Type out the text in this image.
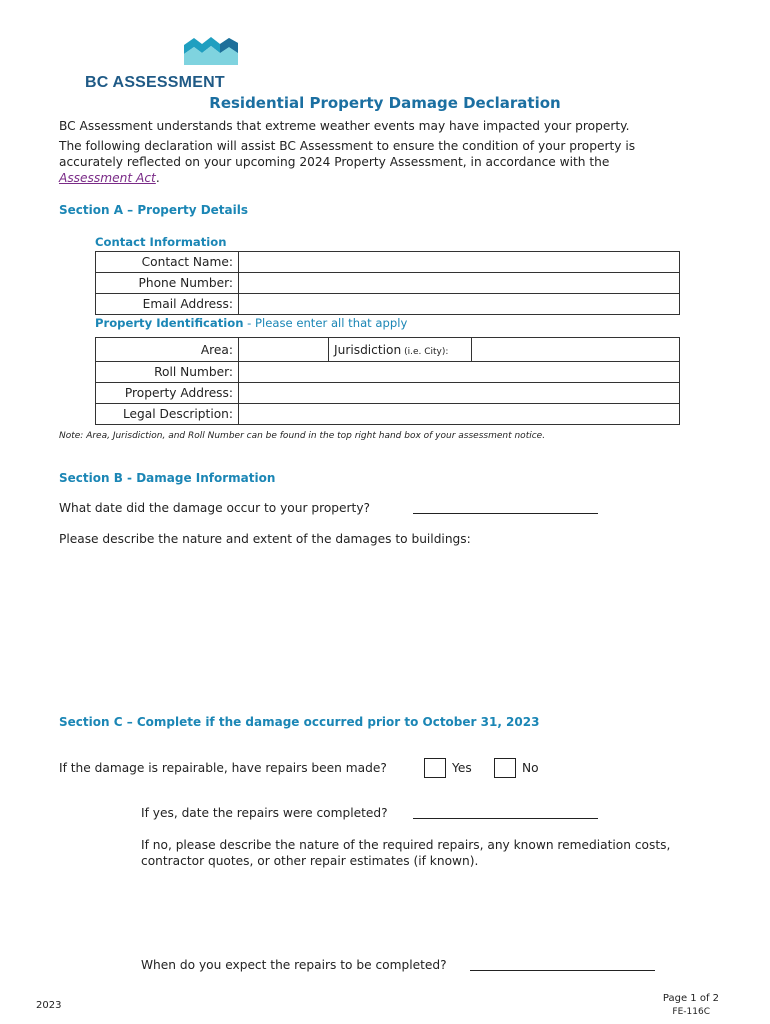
BC ASSESSMENT
Residential Property Damage Declaration
BC Assessment understands that extreme weather events may have impacted your property.
The following declaration will assist BC Assessment to ensure the condition of your property is
accurately reflected on your upcoming 2024 Property Assessment, in accordance with the
Assessment Act.
Section A – Property Details
Contact Information
Contact Name:	
Phone Number:	
Email Address:	
Property Identification - Please enter all that apply
Area:		Jurisdiction (i.e. City):	
Roll Number:			
Property Address:			
Legal Description:			
Note: Area, Jurisdiction, and Roll Number can be found in the top right hand box of your assessment notice.
Section B - Damage Information
What date did the damage occur to your property?
Please describe the nature and extent of the damages to buildings:
Section C – Complete if the damage occurred prior to October 31, 2023
If the damage is repairable, have repairs been made?	Yes	No
If yes, date the repairs were completed?
If no, please describe the nature of the required repairs, any known remediation costs,
contractor quotes, or other repair estimates (if known).
When do you expect the repairs to be completed?
2023
Page 1 of 2
FE-116C
